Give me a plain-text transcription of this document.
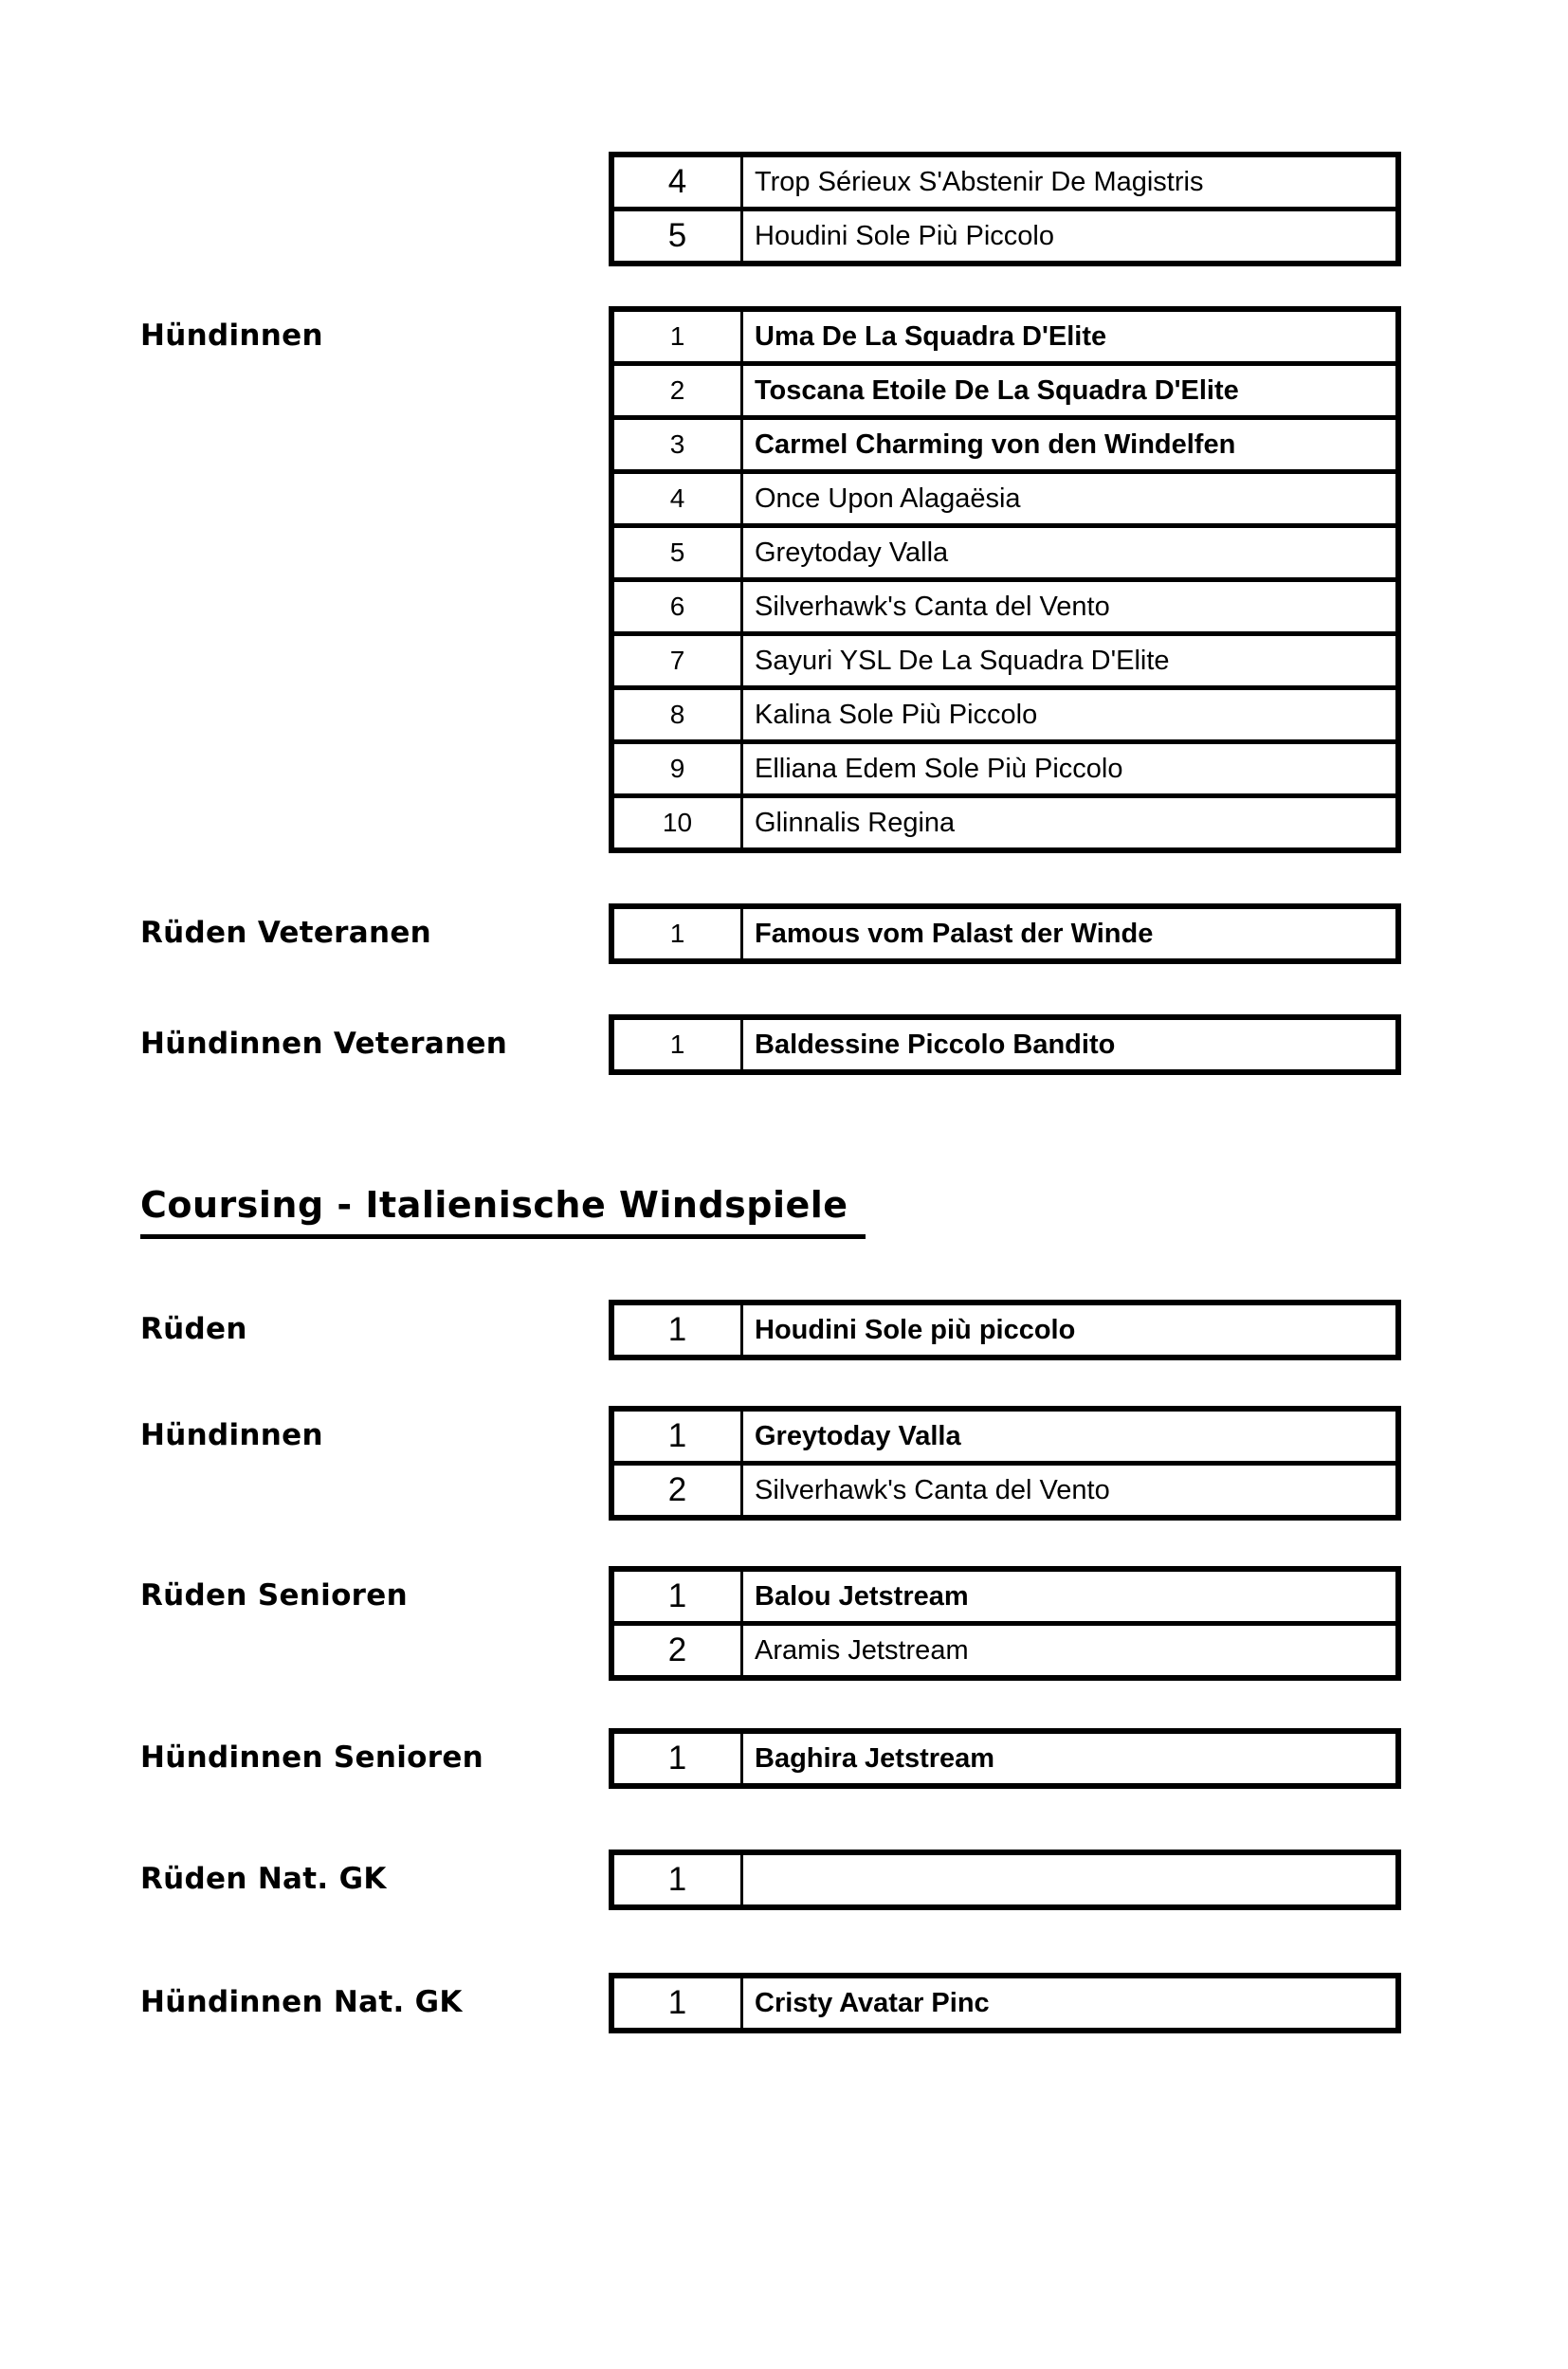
4	Trop Sérieux S'Abstenir De Magistris
5	Houdini Sole Più Piccolo
Hündinnen	1	Uma De La Squadra D'Elite
2	Toscana Etoile De La Squadra D'Elite
3	Carmel Charming von den Windelfen
4	Once Upon Alagaësia
5	Greytoday Valla
6	Silverhawk's Canta del Vento
7	Sayuri YSL De La Squadra D'Elite
8	Kalina Sole Più Piccolo
9	Elliana Edem Sole Più Piccolo
10	Glinnalis Regina
Rüden Veteranen	1	Famous vom Palast der Winde
Hündinnen Veteranen	1	Baldessine Piccolo Bandito
Coursing - Italienische Windspiele
Rüden	1	Houdini Sole più piccolo
Hündinnen	1	Greytoday Valla
2	Silverhawk's Canta del Vento
Rüden Senioren	1	Balou Jetstream
2	Aramis Jetstream
Hündinnen Senioren	1	Baghira Jetstream
Rüden Nat. GK	1
Hündinnen Nat. GK	1	Cristy Avatar Pinc
